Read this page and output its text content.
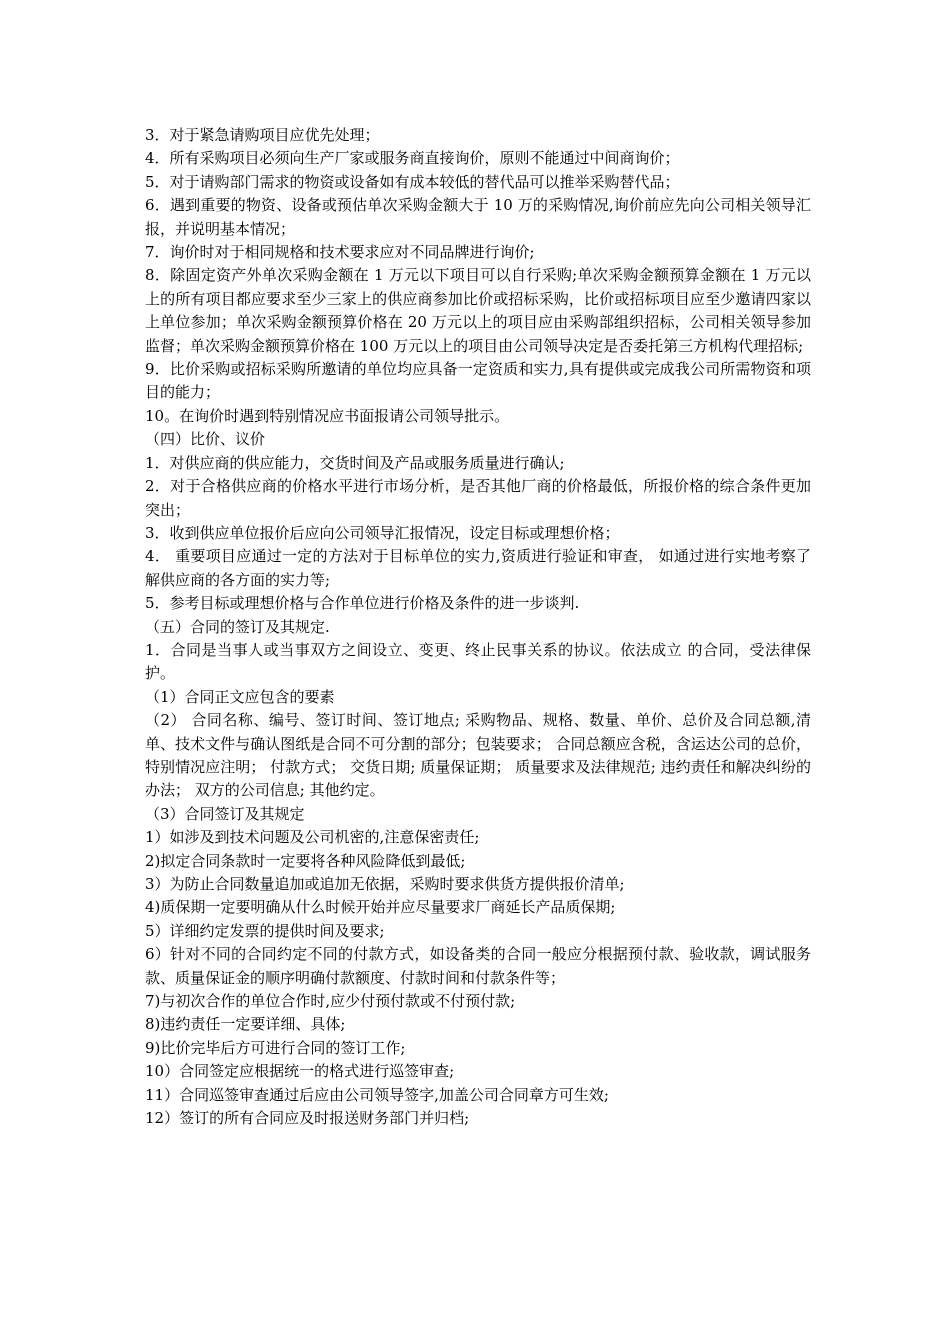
3．对于紧急请购项目应优先处理；

4．所有采购项目必须向生产厂家或服务商直接询价，原则不能通过中间商询价；

5．对于请购部门需求的物资或设备如有成本较低的替代品可以推举采购替代品；

6．遇到重要的物资、设备或预估单次采购金额大于 10 万的采购情况,询价前应先向公司相关领导汇报，并说明基本情况；

7．询价时对于相同规格和技术要求应对不同品牌进行询价;

8．除固定资产外单次采购金额在 1 万元以下项目可以自行采购;单次采购金额预算金额在 1 万元以上的所有项目都应要求至少三家上的供应商参加比价或招标采购，比价或招标项目应至少邀请四家以上单位参加；单次采购金额预算价格在 20 万元以上的项目应由采购部组织招标，公司相关领导参加监督；单次采购金额预算价格在 100 万元以上的项目由公司领导决定是否委托第三方机构代理招标;

9．比价采购或招标采购所邀请的单位均应具备一定资质和实力,具有提供或完成我公司所需物资和项目的能力；

10。在询价时遇到特别情况应书面报请公司领导批示。

（四）比价、议价

1．对供应商的供应能力，交货时间及产品或服务质量进行确认;

2．对于合格供应商的价格水平进行市场分析，是否其他厂商的价格最低，所报价格的综合条件更加突出；

3．收到供应单位报价后应向公司领导汇报情况，设定目标或理想价格；

4． 重要项目应通过一定的方法对于目标单位的实力,资质进行验证和审查， 如通过进行实地考察了解供应商的各方面的实力等;

5．参考目标或理想价格与合作单位进行价格及条件的进一步谈判.

（五）合同的签订及其规定.

1．合同是当事人或当事双方之间设立、变更、终止民事关系的协议。依法成立 的合同，受法律保护。

（1）合同正文应包含的要素

（2） 合同名称、编号、签订时间、签订地点; 采购物品、规格、数量、单价、总价及合同总额,清单、技术文件与确认图纸是合同不可分割的部分；包装要求； 合同总额应含税，含运达公司的总价，特别情况应注明； 付款方式； 交货日期; 质量保证期； 质量要求及法律规范; 违约责任和解决纠纷的办法； 双方的公司信息; 其他约定。

（3）合同签订及其规定

1）如涉及到技术问题及公司机密的,注意保密责任;

2)拟定合同条款时一定要将各种风险降低到最低;

3）为防止合同数量追加或追加无依据，采购时要求供货方提供报价清单;

4)质保期一定要明确从什么时候开始并应尽量要求厂商延长产品质保期;

5）详细约定发票的提供时间及要求;

6）针对不同的合同约定不同的付款方式，如设备类的合同一般应分根据预付款、验收款，调试服务款、质量保证金的顺序明确付款额度、付款时间和付款条件等；

7)与初次合作的单位合作时,应少付预付款或不付预付款;

8)违约责任一定要详细、具体;

9)比价完毕后方可进行合同的签订工作;

10）合同签定应根据统一的格式进行巡签审查;

11）合同巡签审查通过后应由公司领导签字,加盖公司合同章方可生效;

12）签订的所有合同应及时报送财务部门并归档;
